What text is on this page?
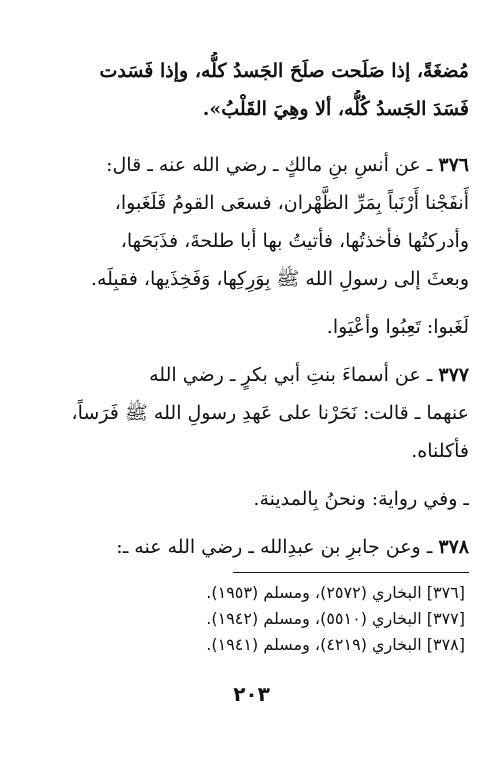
مُضغَةً، إذا صَلَحت صلَحَ الجَسدُ كلُّه، وإذا فَسَدت
فَسَدَ الجَسدُ كُلُّه، ألا وهِيَ القَلْبُ».
٣٧٦ ـ عن أنسِ بنِ مالكٍ ـ رضي الله عنه ـ قال:
أَنفَجْنا أَرْنَباً بِمَرِّ الظَّهْران، فسعَى القومُ فَلَغَبوا،
وأدركتُها فأخذتُها، فأتيتُ بها أبا طلحةَ، فذَبَحَها،
وبعثَ إلى رسولِ الله ﷺ بِوَرِكِها، وَفَخِذَيها، فقبِلَه.
لَغَبوا: تَعِبُوا وأعْيَوا.
٣٧٧ ـ عن أسماءَ بنتِ أبي بكرٍ ـ رضي الله
عنهما ـ قالت: نَحَرْنا على عَهدِ رسولِ الله ﷺ فَرَساً،
فأكلناه.
ـ وفي رواية: ونحنُ بِالمدينة.
٣٧٨ ـ وعن جابرِ بن عبدِالله ـ رضي الله عنه ـ:
[٣٧٦] البخاري (٢٥٧٢)، ومسلم (١٩٥٣).
[٣٧٧] البخاري (٥٥١٠)، ومسلم (١٩٤٢).
[٣٧٨] البخاري (٤٢١٩)، ومسلم (١٩٤١).
٢٠٣
